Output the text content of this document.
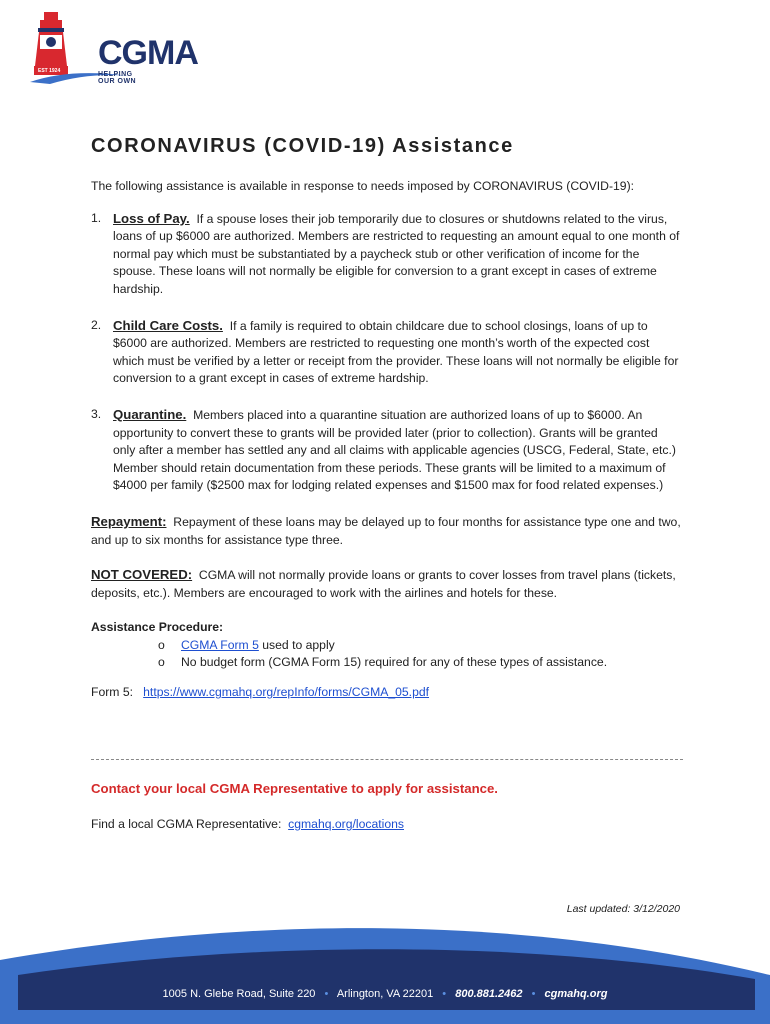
CGMA
HELPING OUR OWN
EST 1924
CORONAVIRUS (COVID-19) Assistance

The following assistance is available in response to needs imposed by CORONAVIRUS (COVID-19):

1. Loss of Pay. If a spouse loses their job temporarily due to closures or shutdowns related to the virus, loans of up $6000 are authorized. Members are restricted to requesting an amount equal to one month of normal pay which must be substantiated by a paycheck stub or other verification of income for the spouse. These loans will not normally be eligible for conversion to a grant except in cases of extreme hardship.
2. Child Care Costs. If a family is required to obtain childcare due to school closings, loans of up to $6000 are authorized. Members are restricted to requesting one month’s worth of the expected cost which must be verified by a letter or receipt from the provider. These loans will not normally be eligible for conversion to a grant except in cases of extreme hardship.
3. Quarantine. Members placed into a quarantine situation are authorized loans of up to $6000. An opportunity to convert these to grants will be provided later (prior to collection). Grants will be granted only after a member has settled any and all claims with applicable agencies (USCG, Federal, State, etc.) Member should retain documentation from these periods. These grants will be limited to a maximum of $4000 per family ($2500 max for lodging related expenses and $1500 max for food related expenses.)

Repayment: Repayment of these loans may be delayed up to four months for assistance type one and two, and up to six months for assistance type three.

NOT COVERED: CGMA will not normally provide loans or grants to cover losses from travel plans (tickets, deposits, etc.). Members are encouraged to work with the airlines and hotels for these.

Assistance Procedure:

o CGMA Form 5 used to apply
o No budget form (CGMA Form 15) required for any of these types of assistance.

Form 5: https://www.cgmahq.org/repInfo/forms/CGMA_05.pdf

Contact your local CGMA Representative to apply for assistance.
Find a local CGMA Representative: cgmahq.org/locations
Last updated: 3/12/2020
1005 N. Glebe Road, Suite 220 • Arlington, VA 22201 • 800.881.2462 • cgmahq.org
